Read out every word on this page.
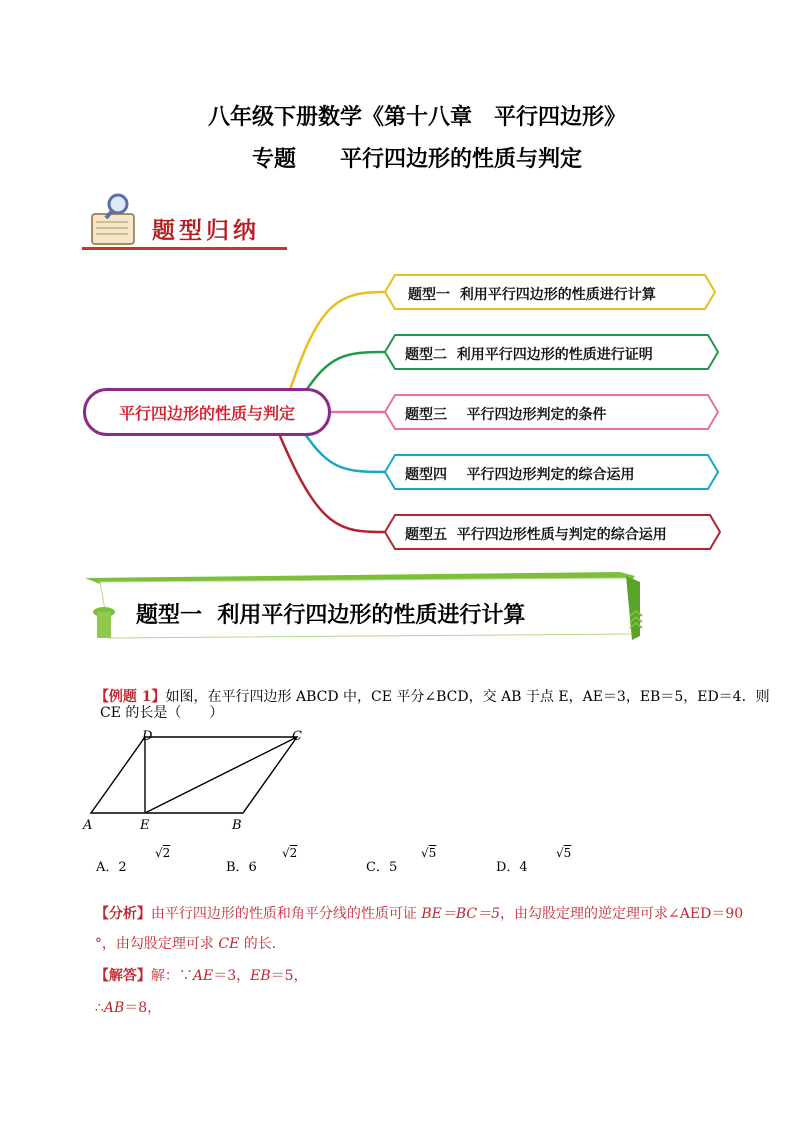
八年级下册数学《第十八章　平行四边形》
专题　　平行四边形的性质与判定
题型归纳
平行四边形的性质与判定
题型一  利用平行四边形的性质进行计算
题型二  利用平行四边形的性质进行证明
题型三    平行四边形判定的条件
题型四    平行四边形判定的综合运用
题型五  平行四边形性质与判定的综合运用
题型一  利用平行四边形的性质进行计算

【例题 1】如图，在平行四边形 ABCD 中，CE 平分∠BCD，交 AB 于点 E，AE＝3，EB＝5，ED＝4．则

CE 的长是（　　）
D	C
A	E	B
A．2
√2
B．6
√2
C．5
√5
D．4
√5

【分析】由平行四边形的性质和角平分线的性质可证 BE＝BC＝5，由勾股定理的逆定理可求∠AED＝90

°，由勾股定理可求 CE 的长．

【解答】解：∵AE＝3，EB＝5，

∴AB＝8，
